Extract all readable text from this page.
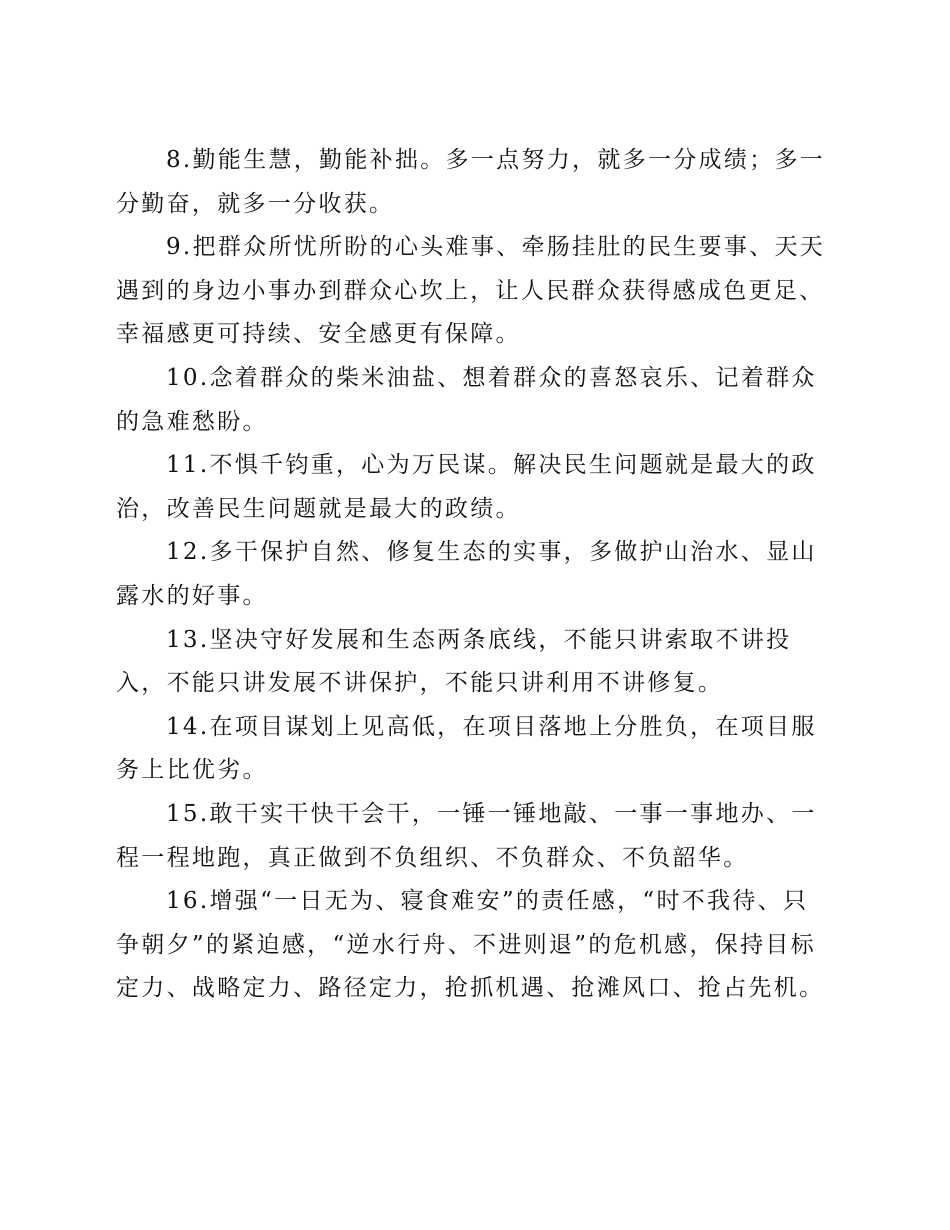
8.勤能生慧，勤能补拙。多一点努力，就多一分成绩；多一分勤奋，就多一分收获。

9.把群众所忧所盼的心头难事、牵肠挂肚的民生要事、天天遇到的身边小事办到群众心坎上，让人民群众获得感成色更足、幸福感更可持续、安全感更有保障。

10.念着群众的柴米油盐、想着群众的喜怒哀乐、记着群众的急难愁盼。

11.不惧千钧重，心为万民谋。解决民生问题就是最大的政治，改善民生问题就是最大的政绩。

12.多干保护自然、修复生态的实事，多做护山治水、显山露水的好事。

13.坚决守好发展和生态两条底线，不能只讲索取不讲投入，不能只讲发展不讲保护，不能只讲利用不讲修复。

14.在项目谋划上见高低，在项目落地上分胜负，在项目服务上比优劣。

15.敢干实干快干会干，一锤一锤地敲、一事一事地办、一程一程地跑，真正做到不负组织、不负群众、不负韶华。

16.增强“一日无为、寝食难安”的责任感，“时不我待、只争朝夕”的紧迫感，“逆水行舟、不进则退”的危机感，保持目标定力、战略定力、路径定力，抢抓机遇、抢滩风口、抢占先机。
